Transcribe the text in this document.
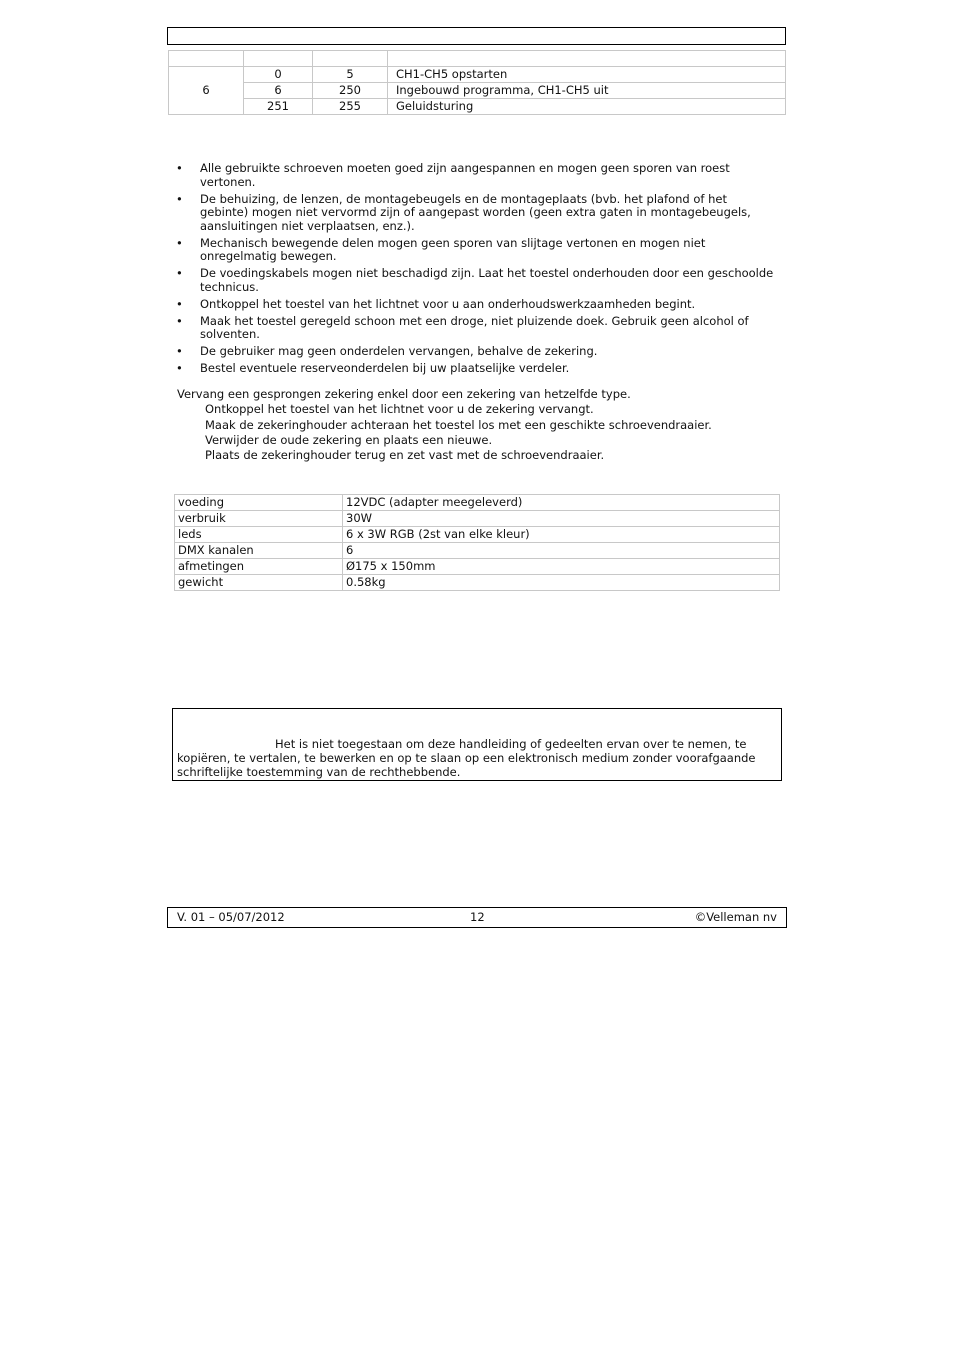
6	0	5	CH1-CH5 opstarten
	6	250	Ingebouwd programma, CH1-CH5 uit
	251	255	Geluidsturing
• Alle gebruikte schroeven moeten goed zijn aangespannen en mogen geen sporen van roest vertonen.
• De behuizing, de lenzen, de montagebeugels en de montageplaats (bvb. het plafond of het gebinte) mogen niet vervormd zijn of aangepast worden (geen extra gaten in montagebeugels, aansluitingen niet verplaatsen, enz.).
• Mechanisch bewegende delen mogen geen sporen van slijtage vertonen en mogen niet onregelmatig bewegen.
• De voedingskabels mogen niet beschadigd zijn. Laat het toestel onderhouden door een geschoolde technicus.
• Ontkoppel het toestel van het lichtnet voor u aan onderhoudswerkzaamheden begint.
• Maak het toestel geregeld schoon met een droge, niet pluizende doek. Gebruik geen alcohol of solventen.
• De gebruiker mag geen onderdelen vervangen, behalve de zekering.
• Bestel eventuele reserveonderdelen bij uw plaatselijke verdeler.
Vervang een gesprongen zekering enkel door een zekering van hetzelfde type.
Ontkoppel het toestel van het lichtnet voor u de zekering vervangt.
Maak de zekeringhouder achteraan het toestel los met een geschikte schroevendraaier.
Verwijder de oude zekering en plaats een nieuwe.
Plaats de zekeringhouder terug en zet vast met de schroevendraaier.
voeding	12VDC (adapter meegeleverd)
verbruik	30W
leds	6 x 3W RGB (2st van elke kleur)
DMX kanalen	6
afmetingen	Ø175 x 150mm
gewicht	0.58kg
Het is niet toegestaan om deze handleiding of gedeelten ervan over te nemen, te kopiëren, te vertalen, te bewerken en op te slaan op een elektronisch medium zonder voorafgaande schriftelijke toestemming van de rechthebbende.
V. 01 – 05/07/2012	12	©Velleman nv
